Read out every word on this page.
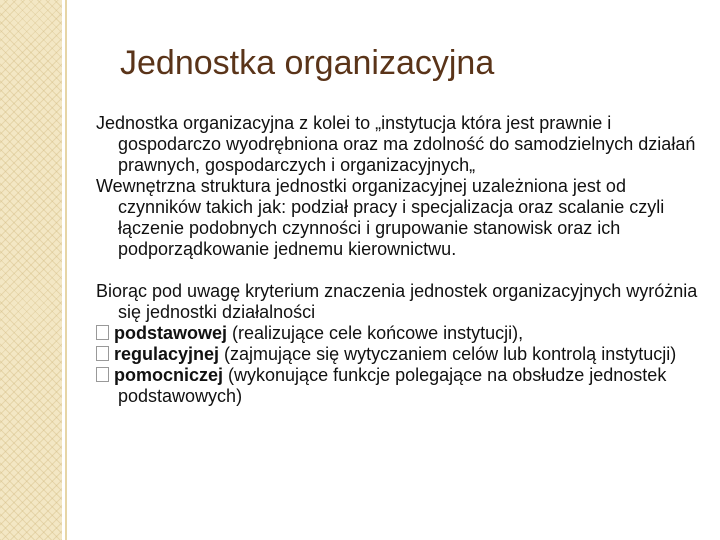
Jednostka organizacyjna

Jednostka organizacyjna z kolei to „instytucja która jest prawnie i gospodarczo wyodrębniona oraz ma zdolność do samodzielnych działań prawnych, gospodarczych i organizacyjnych„

Wewnętrzna struktura jednostki organizacyjnej uzależniona jest od czynników takich jak: podział pracy i specjalizacja oraz scalanie czyli łączenie podobnych czynności i grupowanie stanowisk oraz ich podporządkowanie jednemu kierownictwu.

Biorąc pod uwagę kryterium znaczenia jednostek organizacyjnych wyróżnia się jednostki działalności

podstawowej (realizujące cele końcowe instytucji),

regulacyjnej (zajmujące się wytyczaniem celów lub kontrolą instytucji)

pomocniczej (wykonujące funkcje polegające na obsłudze jednostek podstawowych)
